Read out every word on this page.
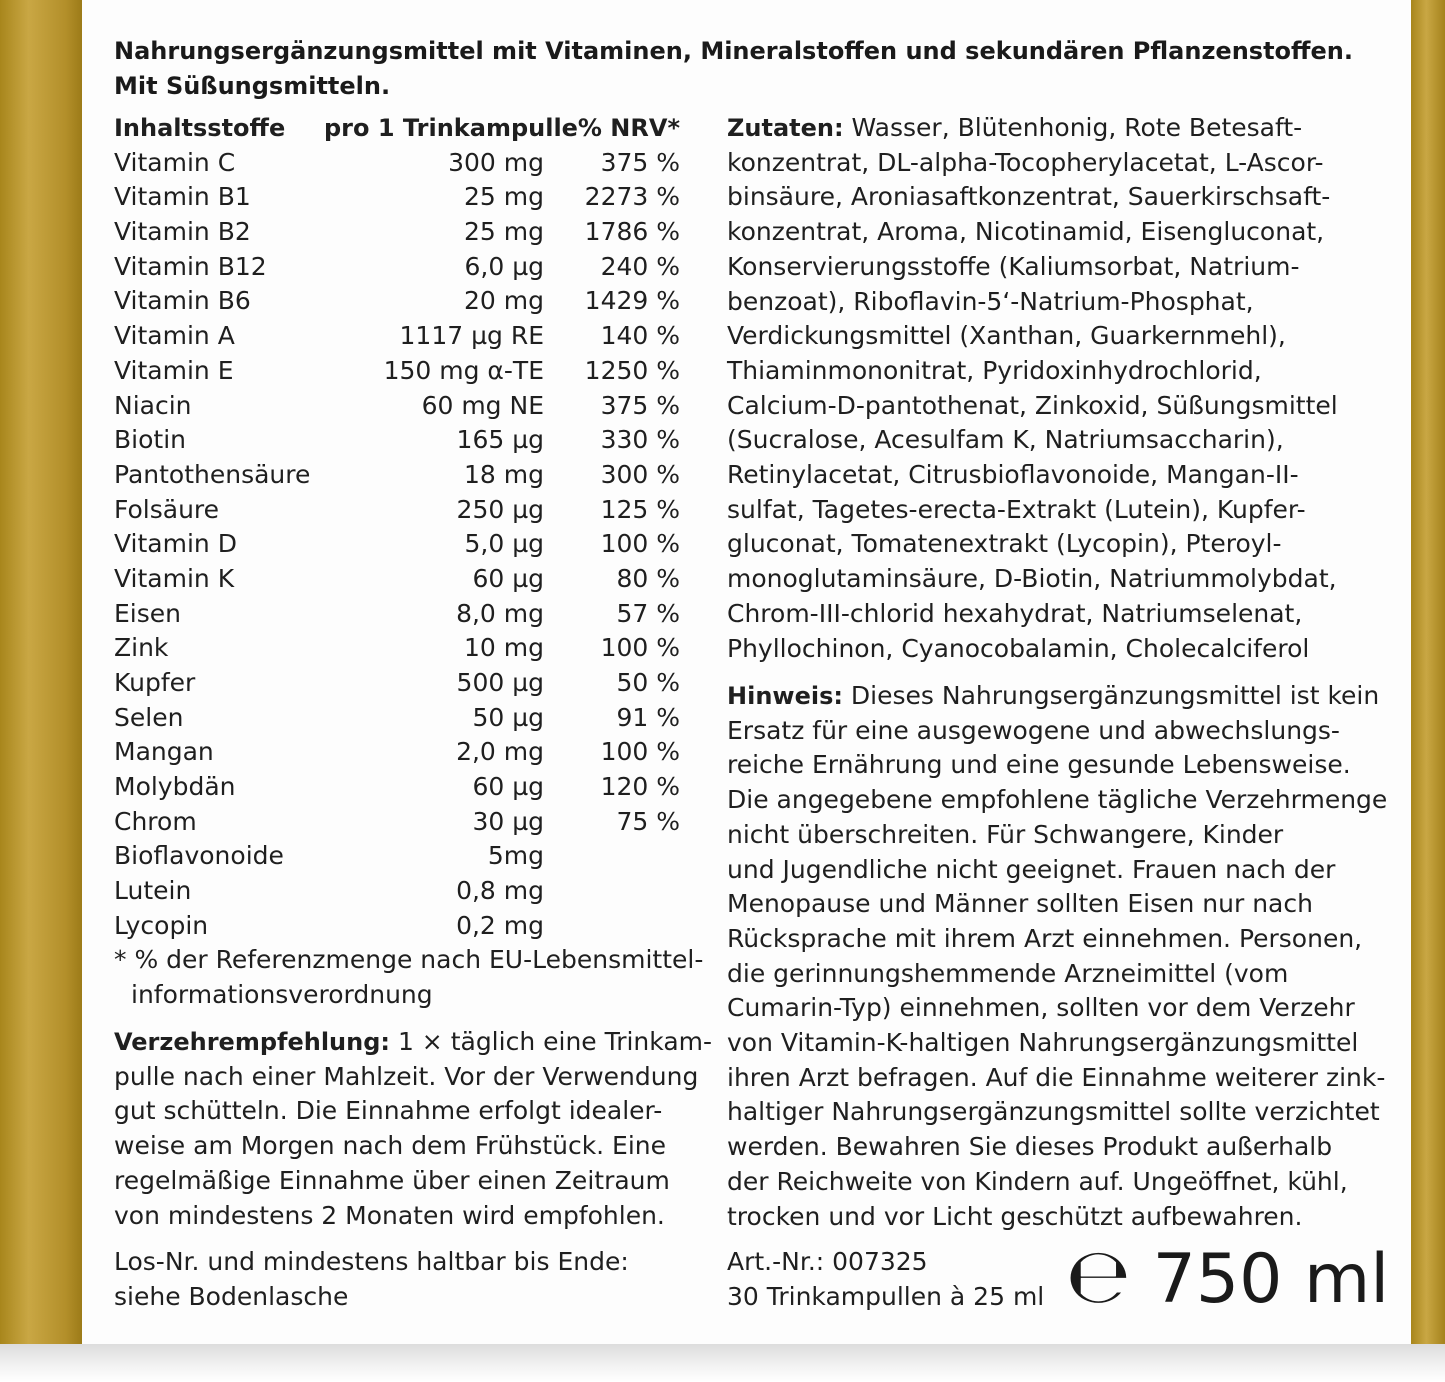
Nahrungsergänzungsmittel mit Vitaminen, Mineralstoffen und sekundären Pflanzenstoffen.
Mit Süßungsmitteln.
Inhaltsstoffe	pro 1 Trinkampulle % NRV*
Vitamin C	300 mg	375 %
Vitamin B1	25 mg	2273 %
Vitamin B2	25 mg	1786 %
Vitamin B12	6,0 µg	240 %
Vitamin B6	20 mg	1429 %
Vitamin A	1117 µg RE	140 %
Vitamin E	150 mg α-TE	1250 %
Niacin	60 mg NE	375 %
Biotin	165 µg	330 %
Pantothensäure	18 mg	300 %
Folsäure	250 µg	125 %
Vitamin D	5,0 µg	100 %
Vitamin K	60 µg	80 %
Eisen	8,0 mg	57 %
Zink	10 mg	100 %
Kupfer	500 µg	50 %
Selen	50 µg	91 %
Mangan	2,0 mg	100 %
Molybdän	60 µg	120 %
Chrom	30 µg	75 %
Bioflavonoide	5mg
Lutein	0,8 mg
Lycopin	0,2 mg
* % der Referenzmenge nach EU-Lebensmittel-
informationsverordnung
Verzehrempfehlung: 1 × täglich eine Trinkam-
pulle nach einer Mahlzeit. Vor der Verwendung
gut schütteln. Die Einnahme erfolgt idealer-
weise am Morgen nach dem Frühstück. Eine
regelmäßige Einnahme über einen Zeitraum
von mindestens 2 Monaten wird empfohlen.
Los-Nr. und mindestens haltbar bis Ende:
siehe Bodenlasche
Zutaten: Wasser, Blütenhonig, Rote Betesaft-
konzentrat, DL-alpha-Tocopherylacetat, L-Ascor-
binsäure, Aroniasaftkonzentrat, Sauerkirschsaft-
konzentrat, Aroma, Nicotinamid, Eisengluconat,
Konservierungsstoffe (Kaliumsorbat, Natrium-
benzoat), Riboflavin-5‘-Natrium-Phosphat,
Verdickungsmittel (Xanthan, Guarkernmehl),
Thiaminmononitrat, Pyridoxinhydrochlorid,
Calcium-D-pantothenat, Zinkoxid, Süßungsmittel
(Sucralose, Acesulfam K, Natriumsaccharin),
Retinylacetat, Citrusbioflavonoide, Mangan-II-
sulfat, Tagetes-erecta-Extrakt (Lutein), Kupfer-
gluconat, Tomatenextrakt (Lycopin), Pteroyl-
monoglutaminsäure, D-Biotin, Natriummolybdat,
Chrom-III-chlorid hexahydrat, Natriumselenat,
Phyllochinon, Cyanocobalamin, Cholecalciferol
Hinweis: Dieses Nahrungsergänzungsmittel ist kein
Ersatz für eine ausgewogene und abwechslungs-
reiche Ernährung und eine gesunde Lebensweise.
Die angegebene empfohlene tägliche Verzehrmenge
nicht überschreiten. Für Schwangere, Kinder
und Jugendliche nicht geeignet. Frauen nach der
Menopause und Männer sollten Eisen nur nach
Rücksprache mit ihrem Arzt einnehmen. Personen,
die gerinnungshemmende Arzneimittel (vom
Cumarin-Typ) einnehmen, sollten vor dem Verzehr
von Vitamin-K-haltigen Nahrungsergänzungsmittel
ihren Arzt befragen. Auf die Einnahme weiterer zink-
haltiger Nahrungsergänzungsmittel sollte verzichtet
werden. Bewahren Sie dieses Produkt außerhalb
der Reichweite von Kindern auf. Ungeöffnet, kühl,
trocken und vor Licht geschützt aufbewahren.
Art.-Nr.: 007325
30 Trinkampullen à 25 ml ℮ 750 ml
